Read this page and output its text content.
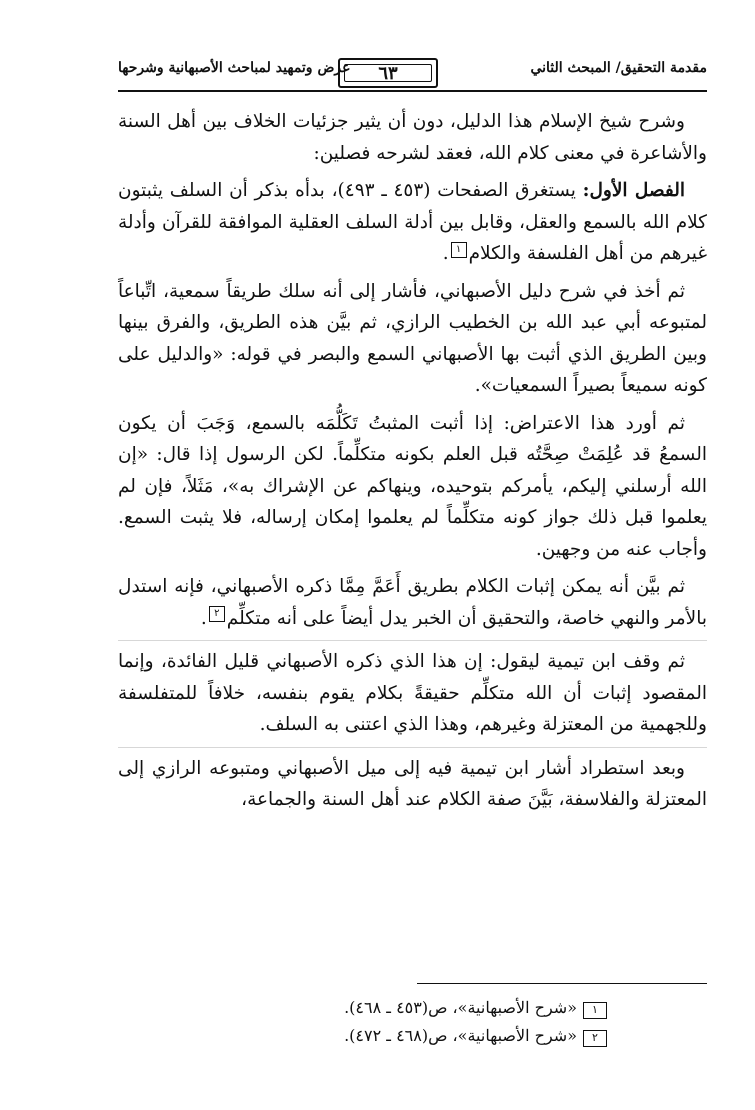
مقدمة التحقيق/ المبحث الثاني
عرض وتمهيد لمباحث الأصبهانية وشرحها ٦٣

وشرح شيخ الإسلام هذا الدليل، دون أن يثير جزئيات الخلاف بين أهل السنة والأشاعرة في معنى كلام الله، فعقد لشرحه فصلين:

الفصل الأول: يستغرق الصفحات (٤٥٣ ـ ٤٩٣)، بدأه بذكر أن السلف يثبتون كلام الله بالسمع والعقل، وقابل بين أدلة السلف العقلية الموافقة للقرآن وأدلة غيرهم من أهل الفلسفة والكلام١.

ثم أخذ في شرح دليل الأصبهاني، فأشار إلى أنه سلك طريقاً سمعية، اتِّباعاً لمتبوعه أبي عبد الله بن الخطيب الرازي، ثم بيَّن هذه الطريق، والفرق بينها وبين الطريق الذي أثبت بها الأصبهاني السمع والبصر في قوله: «والدليل على كونه سميعاً بصيراً السمعيات».

ثم أورد هذا الاعتراض: إذا أثبت المثبتُ تَكَلُّمَه بالسمع، وَجَبَ أن يكون السمعُ قد عُلِمَتْ صِحَّتُه قبل العلم بكونه متكلِّماً. لكن الرسول إذا قال: «إن الله أرسلني إليكم، يأمركم بتوحيده، وينهاكم عن الإشراك به»، مَثَلاً، فإن لم يعلموا قبل ذلك جواز كونه متكلِّماً لم يعلموا إمكان إرساله، فلا يثبت السمع. وأجاب عنه من وجهين.

ثم بيَّن أنه يمكن إثبات الكلام بطريق أَعَمَّ مِمَّا ذكره الأصبهاني، فإنه استدل بالأمر والنهي خاصة، والتحقيق أن الخبر يدل أيضاً على أنه متكلِّم٢.

ثم وقف ابن تيمية ليقول: إن هذا الذي ذكره الأصبهاني قليل الفائدة، وإنما المقصود إثبات أن الله متكلِّم حقيقةً بكلام يقوم بنفسه، خلافاً للمتفلسفة وللجهمية من المعتزلة وغيرهم، وهذا الذي اعتنى به السلف.

وبعد استطراد أشار ابن تيمية فيه إلى ميل الأصبهاني ومتبوعه الرازي إلى المعتزلة والفلاسفة، بَيَّنَ صفة الكلام عند أهل السنة والجماعة،

١«شرح الأصبهانية»، ص(٤٥٣ ـ ٤٦٨).
٢«شرح الأصبهانية»، ص(٤٦٨ ـ ٤٧٢).
